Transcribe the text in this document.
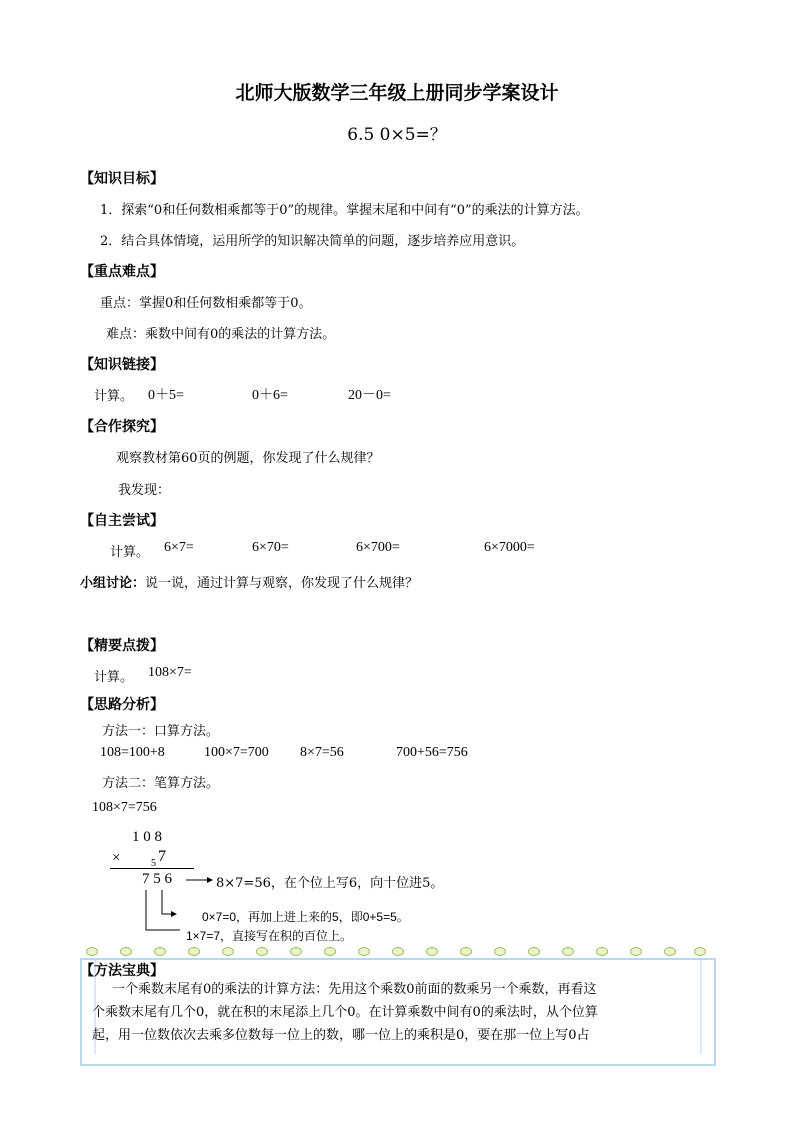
北师大版数学三年级上册同步学案设计
6.5 0×5=？
【知识目标】
1．探索“0和任何数相乘都等于0”的规律。掌握末尾和中间有“0”的乘法的计算方法。
2．结合具体情境，运用所学的知识解决简单的问题，逐步培养应用意识。
【重点难点】
重点：掌握0和任何数相乘都等于0。
难点：乘数中间有0的乘法的计算方法。
【知识链接】
计算。 0＋5=	0＋6=	20－0=
【合作探究】
观察教材第60页的例题，你发现了什么规律？
我发现：
【自主尝试】
计算。 6×7=	6×70=	6×700=	6×7000=
小组讨论：说一说，通过计算与观察，你发现了什么规律？
【精要点拨】
计算。 108×7=
【思路分析】
方法一：口算方法。
108=100+8	100×7=700 8×7=56	700+56=756
方法二：笔算方法。
108×7=756
1 0 8
×	5 7
7 5 6	8×7=56，在个位上写6，向十位进5。
0×7=0，再加上进上来的5，即0+5=5。
1×7=7，直接写在积的百位上。
【方法宝典】
一个乘数末尾有0的乘法的计算方法：先用这个乘数0前面的数乘另一个乘数，再看这
个乘数末尾有几个0，就在积的末尾添上几个0。在计算乘数中间有0的乘法时，从个位算
起，用一位数依次去乘多位数每一位上的数，哪一位上的乘积是0，要在那一位上写0占
